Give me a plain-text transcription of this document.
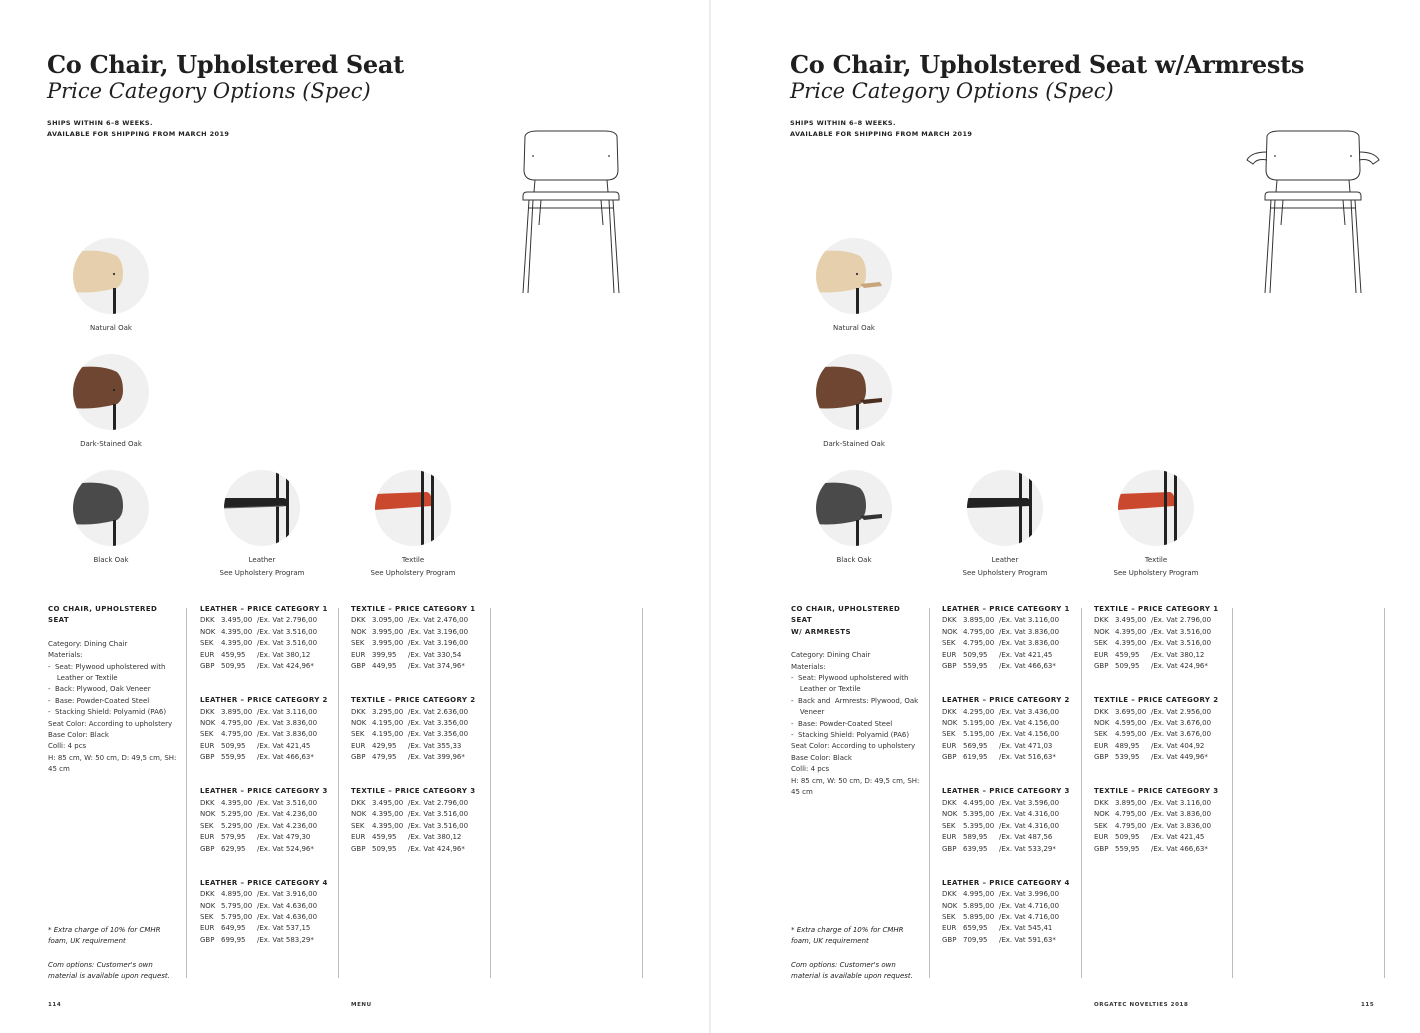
Co Chair, Upholstered Seat
Price Category Options (Spec)
SHIPS WITHIN 6–8 WEEKS.
AVAILABLE FOR SHIPPING FROM MARCH 2019
Natural Oak
Dark-Stained Oak
Black Oak	Leather
See Upholstery Program
Textile
See Upholstery Program
CO CHAIR, UPHOLSTERED SEAT
Category: Dining Chair
Materials:
-  Seat: Plywood upholstered with
Leather or Textile
-  Back: Plywood, Oak Veneer
-  Base: Powder-Coated Steel
-  Stacking Shield: Polyamid (PA6)
Seat Color: According to upholstery
Base Color: Black
Colli: 4 pcs
H: 85 cm, W: 50 cm, D: 49,5 cm, SH:
45 cm
* Extra charge of 10% for CMHR
foam, UK requirement
Com options: Customer's own
material is available upon request.
LEATHER – PRICE CATEGORY 1
DKK 3.495,00 /Ex. Vat 2.796,00
NOK 4.395,00 /Ex. Vat 3.516,00
SEK	4.395,00 /Ex. Vat 3.516,00
EUR 459,95	/Ex. Vat 380,12
GBP 509,95	/Ex. Vat 424,96*
LEATHER – PRICE CATEGORY 2
DKK 3.895,00 /Ex. Vat 3.116,00
NOK 4.795,00 /Ex. Vat 3.836,00
SEK	4.795,00 /Ex. Vat 3.836,00
EUR 509,95	/Ex. Vat 421,45
GBP 559,95	/Ex. Vat 466,63*
LEATHER – PRICE CATEGORY 3
DKK 4.395,00 /Ex. Vat 3.516,00
NOK 5.295,00 /Ex. Vat 4.236,00
SEK	5.295,00 /Ex. Vat 4.236,00
EUR 579,95	/Ex. Vat 479,30
GBP 629,95	/Ex. Vat 524,96*
LEATHER – PRICE CATEGORY 4
DKK 4.895,00 /Ex. Vat 3.916,00
NOK 5.795,00 /Ex. Vat 4.636,00
SEK	5.795,00 /Ex. Vat 4.636,00
EUR 649,95	/Ex. Vat 537,15
GBP 699,95	/Ex. Vat 583,29*
TEXTILE – PRICE CATEGORY 1
DKK 3.095,00 /Ex. Vat 2.476,00
NOK 3.995,00 /Ex. Vat 3.196,00
SEK	3.995,00 /Ex. Vat 3.196,00
EUR 399,95	/Ex. Vat 330,54
GBP 449,95	/Ex. Vat 374,96*
TEXTILE – PRICE CATEGORY 2
DKK 3.295,00 /Ex. Vat 2.636,00
NOK 4.195,00 /Ex. Vat 3.356,00
SEK	4.195,00 /Ex. Vat 3.356,00
EUR 429,95	/Ex. Vat 355,33
GBP 479,95	/Ex. Vat 399,96*
TEXTILE – PRICE CATEGORY 3
DKK 3.495,00 /Ex. Vat 2.796,00
NOK 4.395,00 /Ex. Vat 3.516,00
SEK	4.395,00 /Ex. Vat 3.516,00
EUR 459,95	/Ex. Vat 380,12
GBP 509,95	/Ex. Vat 424,96*
114	MENU
Co Chair, Upholstered Seat w/Armrests
Price Category Options (Spec)
SHIPS WITHIN 6–8 WEEKS.
AVAILABLE FOR SHIPPING FROM MARCH 2019
Natural Oak
Dark-Stained Oak
Black Oak	Leather
See Upholstery Program
Textile
See Upholstery Program
CO CHAIR, UPHOLSTERED SEAT
W/ ARMRESTS
Category: Dining Chair
Materials:
-  Seat: Plywood upholstered with
Leather or Textile
-  Back and  Armrests: Plywood, Oak
Veneer
-  Base: Powder-Coated Steel
-  Stacking Shield: Polyamid (PA6)
Seat Color: According to upholstery
Base Color: Black
Colli: 4 pcs
H: 85 cm, W: 50 cm, D: 49,5 cm, SH:
45 cm
* Extra charge of 10% for CMHR
foam, UK requirement
Com options: Customer's own
material is available upon request.
LEATHER – PRICE CATEGORY 1
DKK 3.895,00 /Ex. Vat 3.116,00
NOK 4.795,00 /Ex. Vat 3.836,00
SEK	4.795,00 /Ex. Vat 3.836,00
EUR 509,95	/Ex. Vat 421,45
GBP 559,95	/Ex. Vat 466,63*
LEATHER – PRICE CATEGORY 2
DKK 4.295,00 /Ex. Vat 3.436,00
NOK 5.195,00 /Ex. Vat 4.156,00
SEK	5.195,00 /Ex. Vat 4.156,00
EUR 569,95	/Ex. Vat 471,03
GBP 619,95	/Ex. Vat 516,63*
LEATHER – PRICE CATEGORY 3
DKK 4.495,00 /Ex. Vat 3.596,00
NOK 5.395,00 /Ex. Vat 4.316,00
SEK	5.395,00 /Ex. Vat 4.316,00
EUR 589,95	/Ex. Vat 487,56
GBP 639,95	/Ex. Vat 533,29*
LEATHER – PRICE CATEGORY 4
DKK 4.995,00 /Ex. Vat 3.996,00
NOK 5.895,00 /Ex. Vat 4.716,00
SEK	5.895,00 /Ex. Vat 4.716,00
EUR 659,95	/Ex. Vat 545,41
GBP 709,95	/Ex. Vat 591,63*
TEXTILE – PRICE CATEGORY 1
DKK 3.495,00 /Ex. Vat 2.796,00
NOK 4.395,00 /Ex. Vat 3.516,00
SEK	4.395,00 /Ex. Vat 3.516,00
EUR 459,95	/Ex. Vat 380,12
GBP 509,95	/Ex. Vat 424,96*
TEXTILE – PRICE CATEGORY 2
DKK 3.695,00 /Ex. Vat 2.956,00
NOK 4.595,00 /Ex. Vat 3.676,00
SEK	4.595,00 /Ex. Vat 3.676,00
EUR 489,95	/Ex. Vat 404,92
GBP 539,95	/Ex. Vat 449,96*
TEXTILE – PRICE CATEGORY 3
DKK 3.895,00 /Ex. Vat 3.116,00
NOK 4.795,00 /Ex. Vat 3.836,00
SEK	4.795,00 /Ex. Vat 3.836,00
EUR 509,95	/Ex. Vat 421,45
GBP 559,95	/Ex. Vat 466,63*
ORGATEC NOVELTIES 2018	115
